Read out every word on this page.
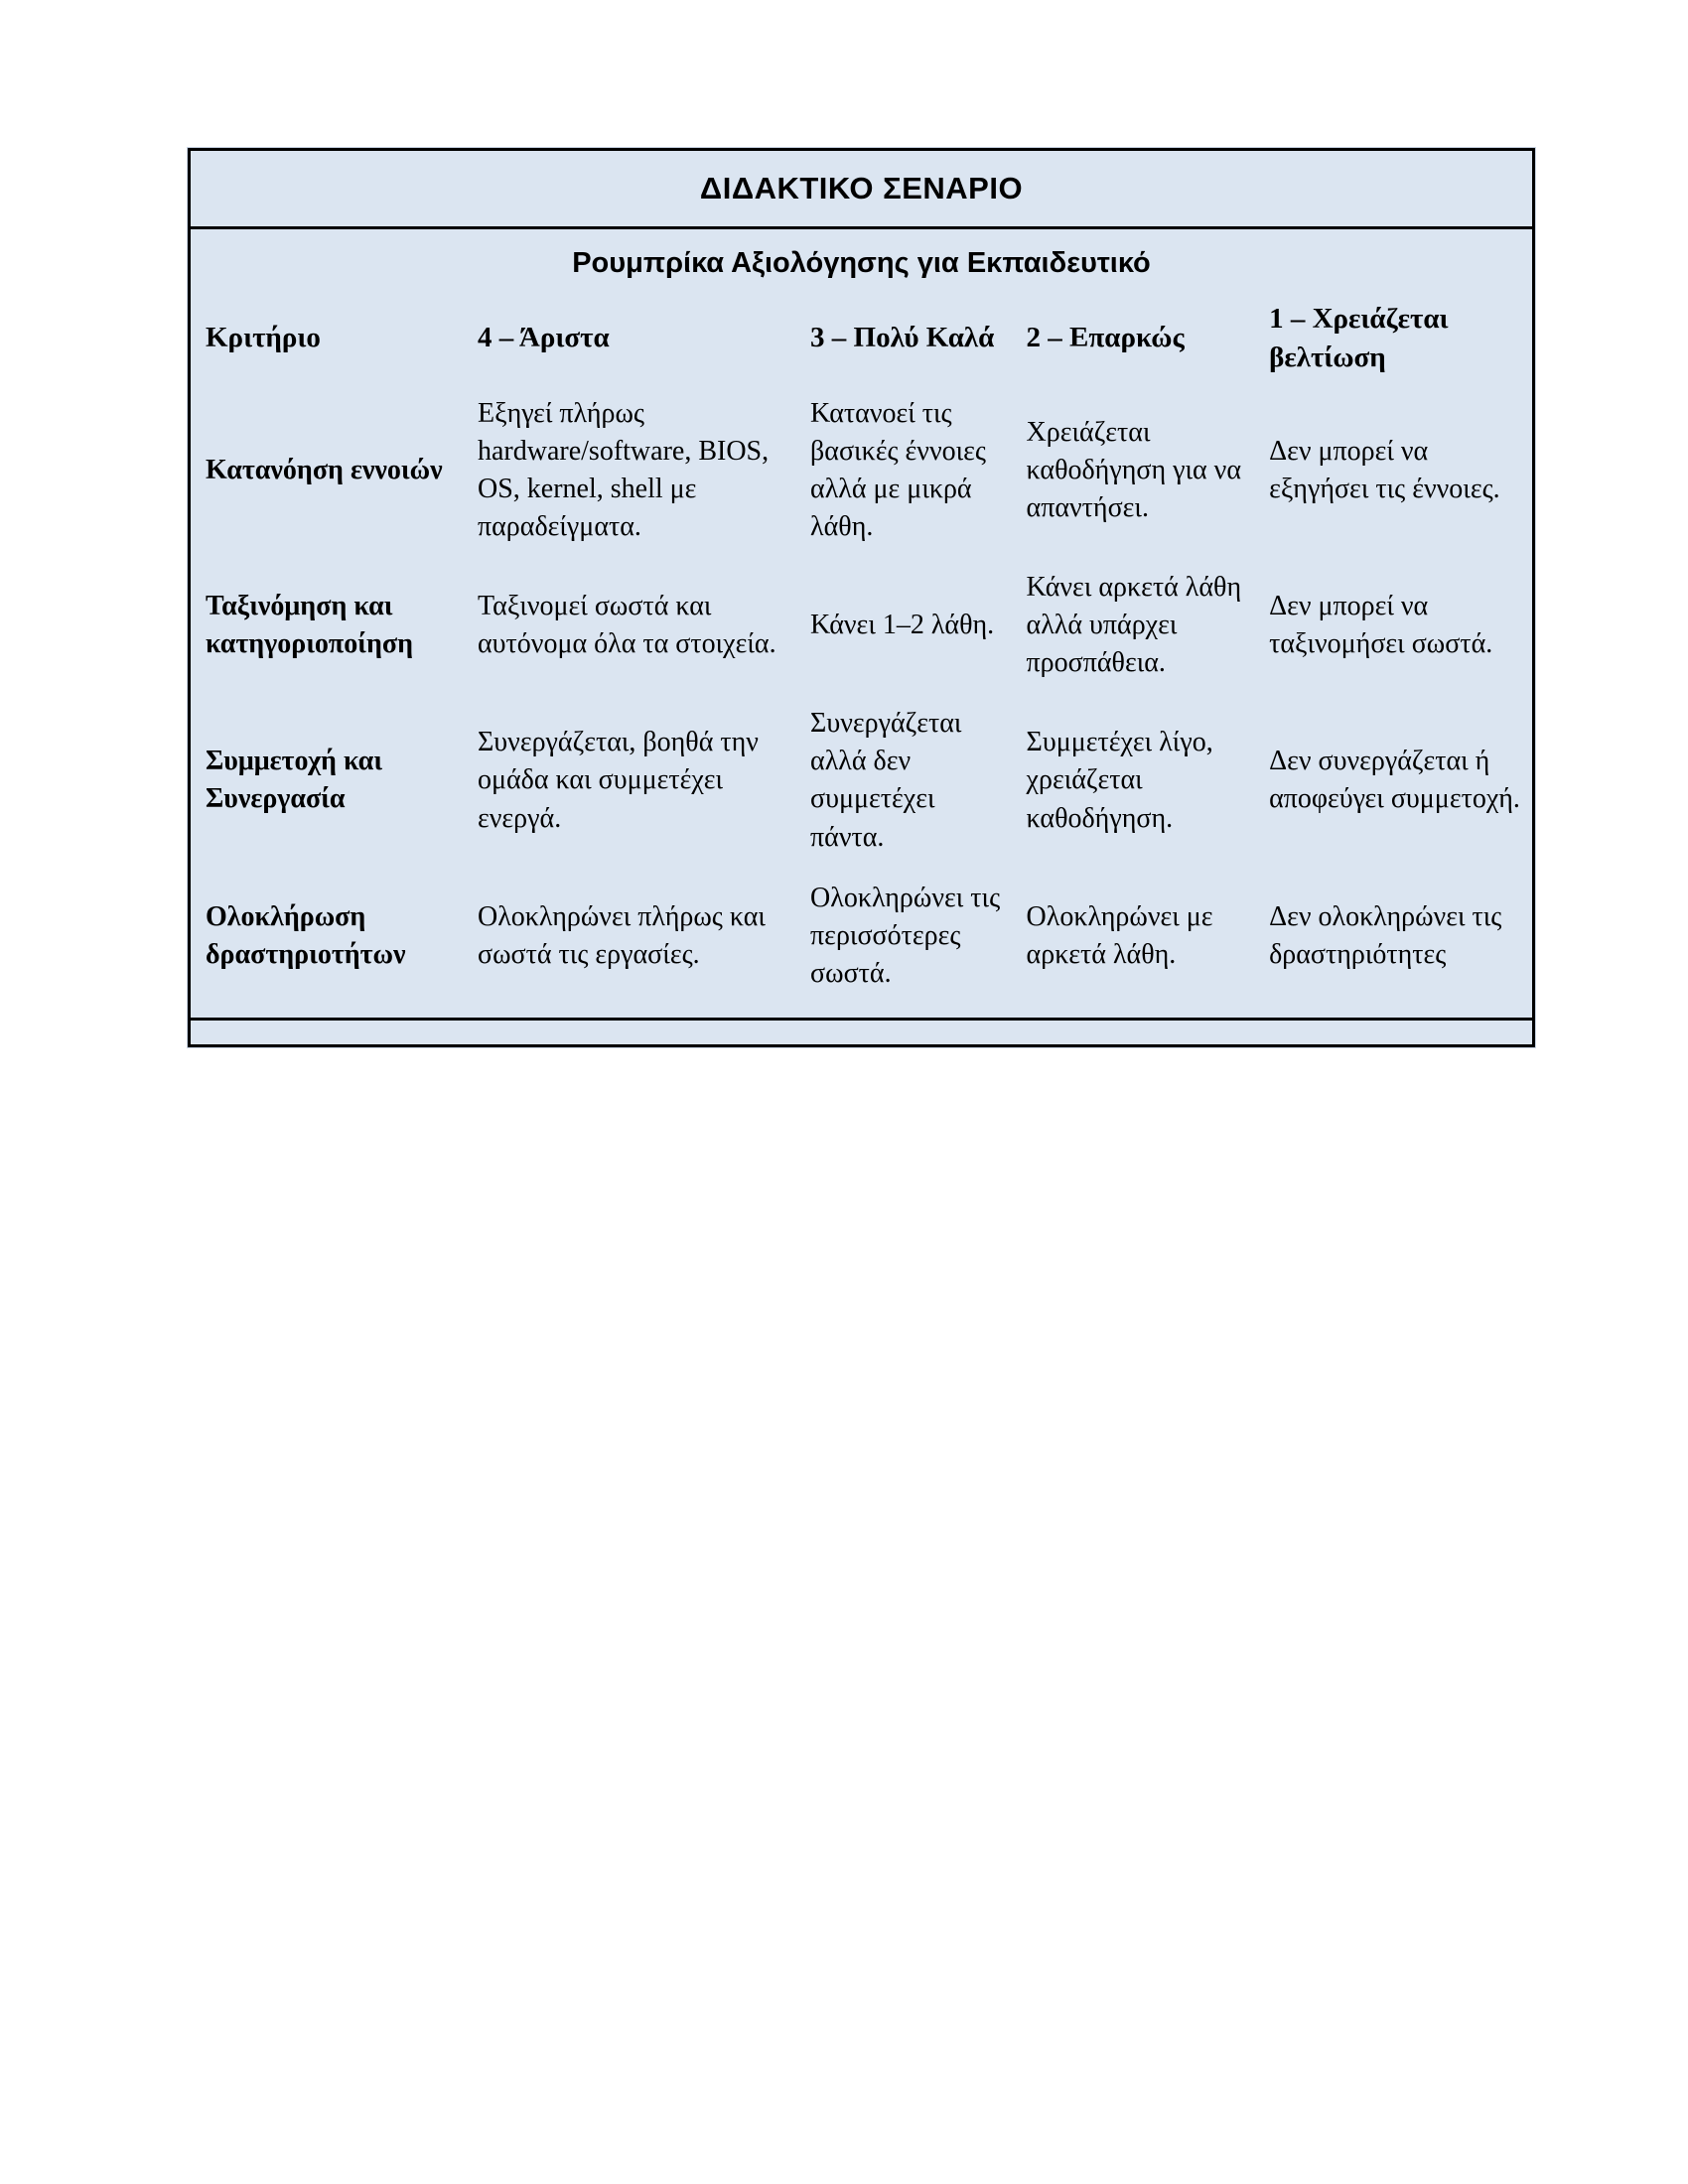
ΔΙΔΑΚΤΙΚΟ ΣΕΝΑΡΙΟ
Ρουμπρίκα Αξιολόγησης για Εκπαιδευτικό
Κριτήριο	4 – Άριστα	3 – Πολύ Καλά	2 – Επαρκώς	1 – Χρειάζεται βελτίωση
Κατανόηση εννοιών	Εξηγεί πλήρως hardware/software, BIOS, OS, kernel, shell με παραδείγματα.	Κατανοεί τις βασικές έννοιες αλλά με μικρά λάθη.	Χρειάζεται καθοδήγηση για να απαντήσει.	Δεν μπορεί να εξηγήσει τις έννοιες.
Ταξινόμηση και κατηγοριοποίηση	Ταξινομεί σωστά και αυτόνομα όλα τα στοιχεία.	Κάνει 1–2 λάθη.	Κάνει αρκετά λάθη αλλά υπάρχει προσπάθεια.	Δεν μπορεί να ταξινομήσει σωστά.
Συμμετοχή και Συνεργασία	Συνεργάζεται, βοηθά την ομάδα και συμμετέχει ενεργά.	Συνεργάζεται αλλά δεν συμμετέχει πάντα.	Συμμετέχει λίγο, χρειάζεται καθοδήγηση.	Δεν συνεργάζεται ή αποφεύγει συμμετοχή.
Ολοκλήρωση δραστηριοτήτων	Ολοκληρώνει πλήρως και σωστά τις εργασίες.	Ολοκληρώνει τις περισσότερες σωστά.	Ολοκληρώνει με αρκετά λάθη.	Δεν ολοκληρώνει τις δραστηριότητες
